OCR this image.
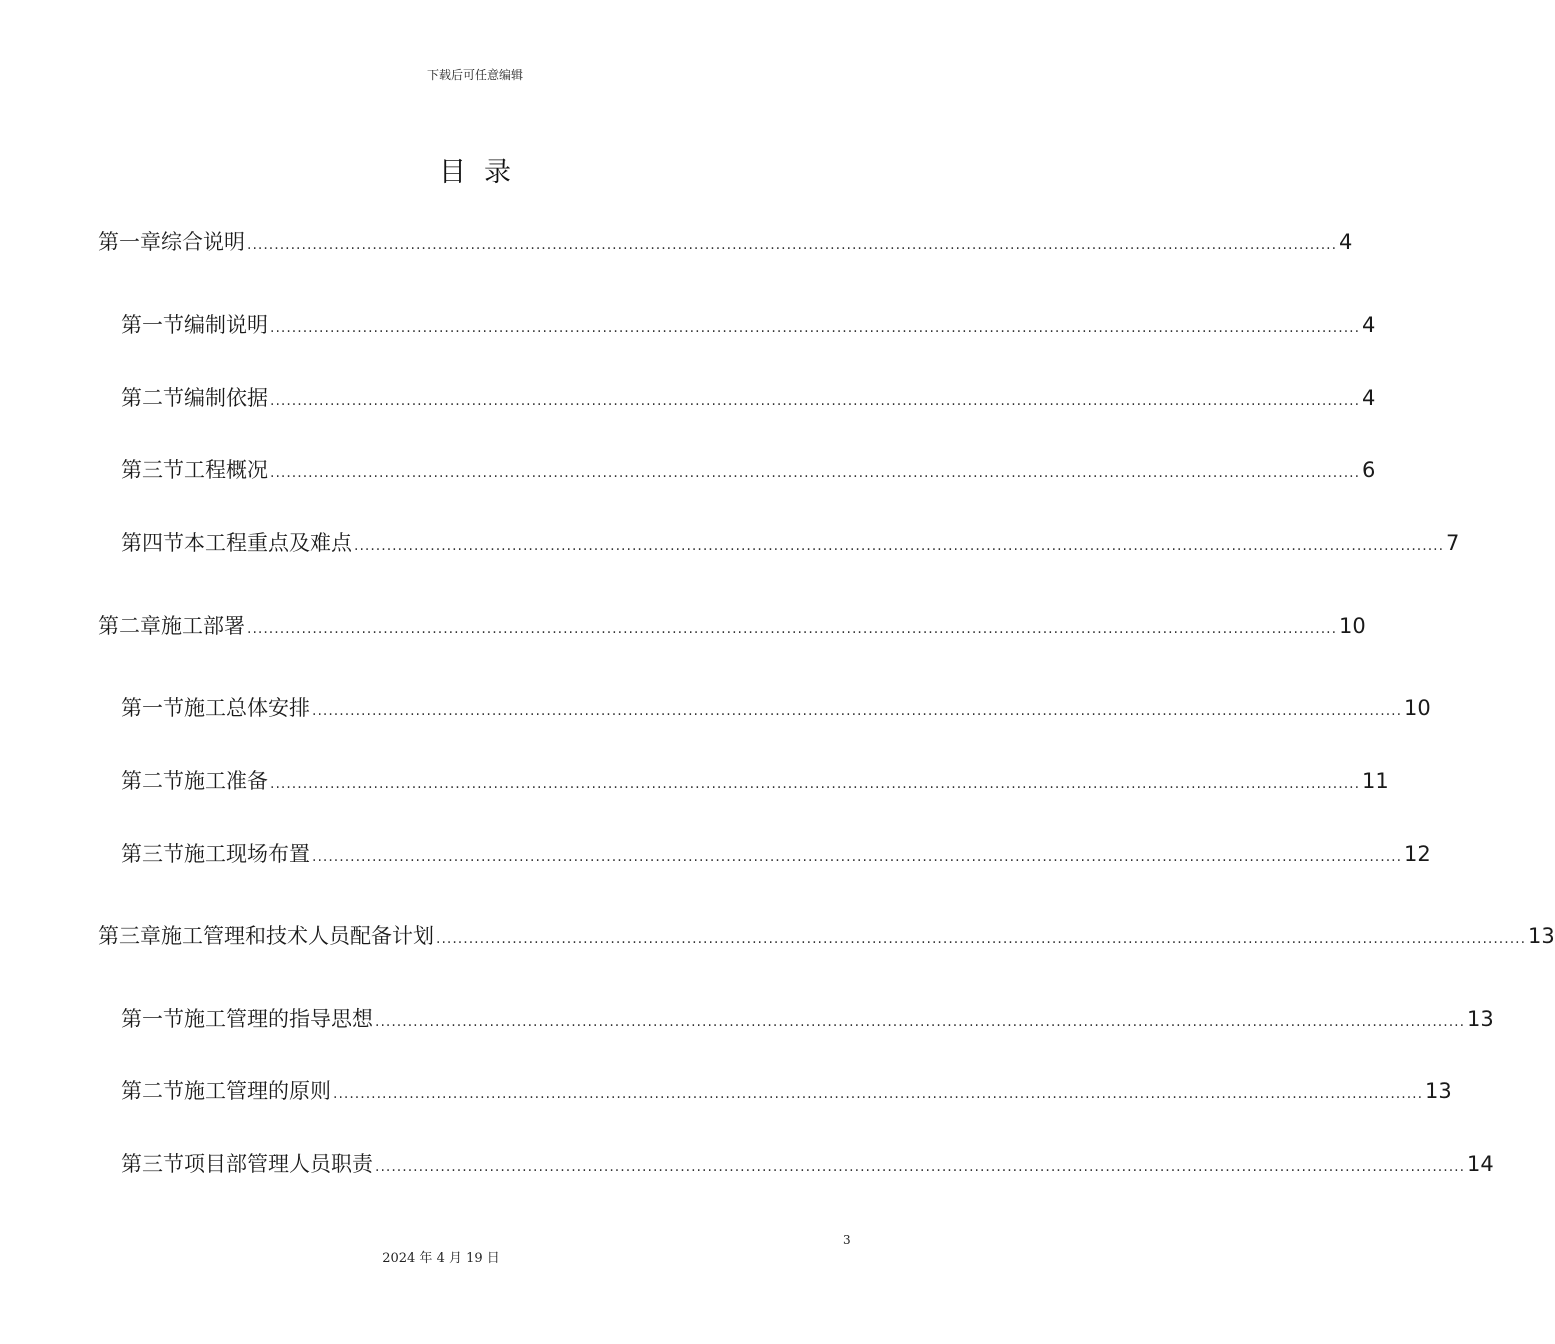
下载后可任意编辑
目录
第一章 综合说明 ........................................................................................................................................................................................................ 4
第一节 编制说明 ........................................................................................................................................................................................................ 4
第二节 编制依据 ........................................................................................................................................................................................................ 4
第三节 工程概况 ........................................................................................................................................................................................................ 6
第四节 本工程重点及难点 ........................................................................................................................................................................................................ 7
第二章 施工部署 ........................................................................................................................................................................................................ 10
第一节 施工总体安排 ........................................................................................................................................................................................................ 10
第二节 施工准备 ........................................................................................................................................................................................................ 11
第三节 施工现场布置 ........................................................................................................................................................................................................ 12
第三章 施工管理和技术人员配备计划 ........................................................................................................................................................................................................ 13
第一节 施工管理的指导思想 ........................................................................................................................................................................................................ 13
第二节 施工管理的原则 ........................................................................................................................................................................................................ 13
第三节 项目部管理人员职责 ........................................................................................................................................................................................................ 14
3
2024 年 4 月 19 日
